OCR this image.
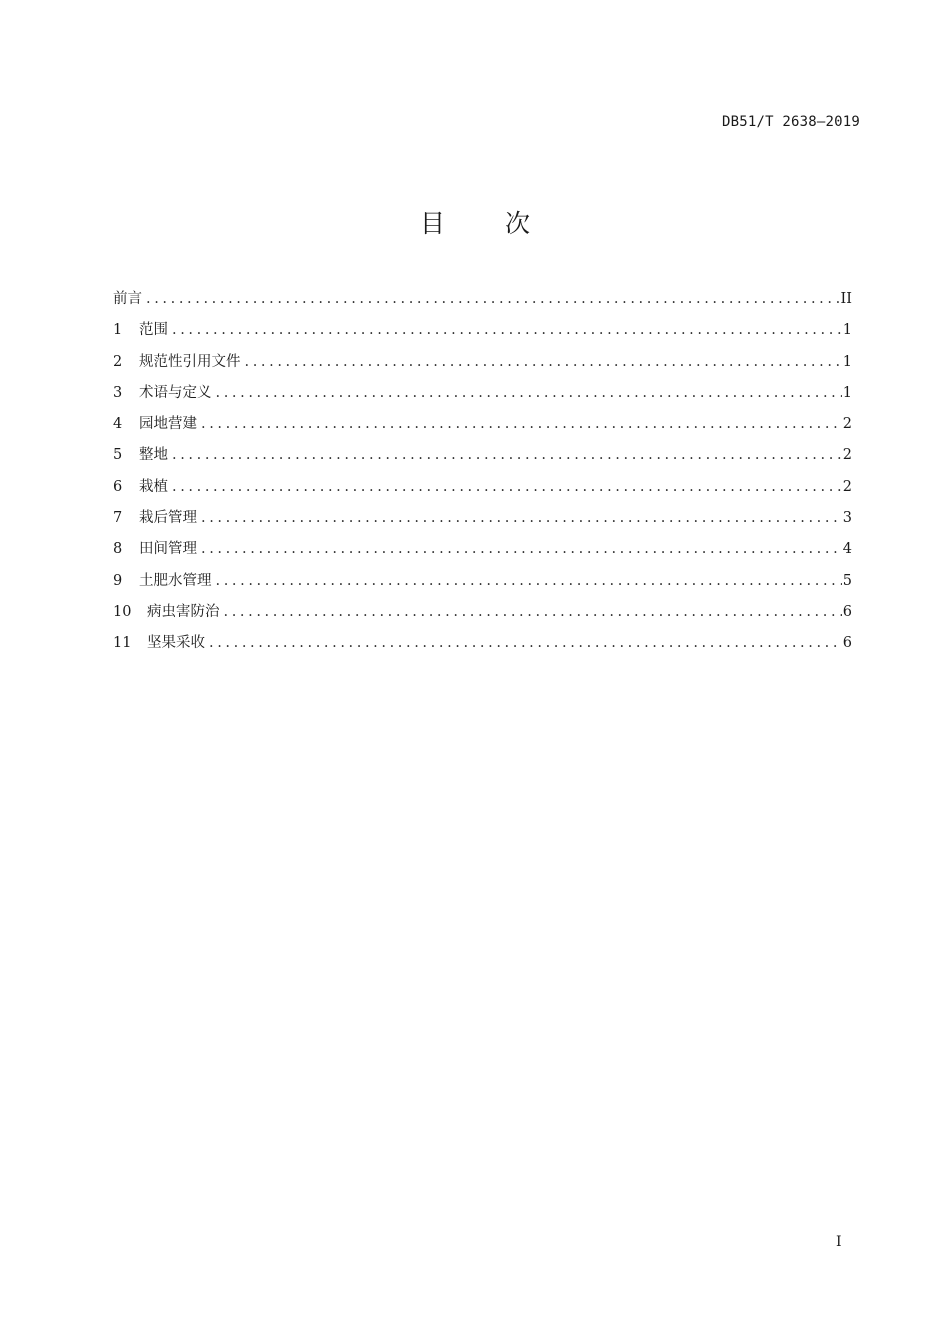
DB51/T 2638—2019
目 次
前言 .....	II
1	范围 .....	1
2	规范性引用文件 .....	1
3	术语与定义 .....	1
4	园地营建 .....	2
5	整地 .....	2
6	栽植 .....	2
7	栽后管理 .....	3
8	田间管理 .....	4
9	土肥水管理 .....	5
10	病虫害防治 .....	6
11	坚果采收 .....	6
I
